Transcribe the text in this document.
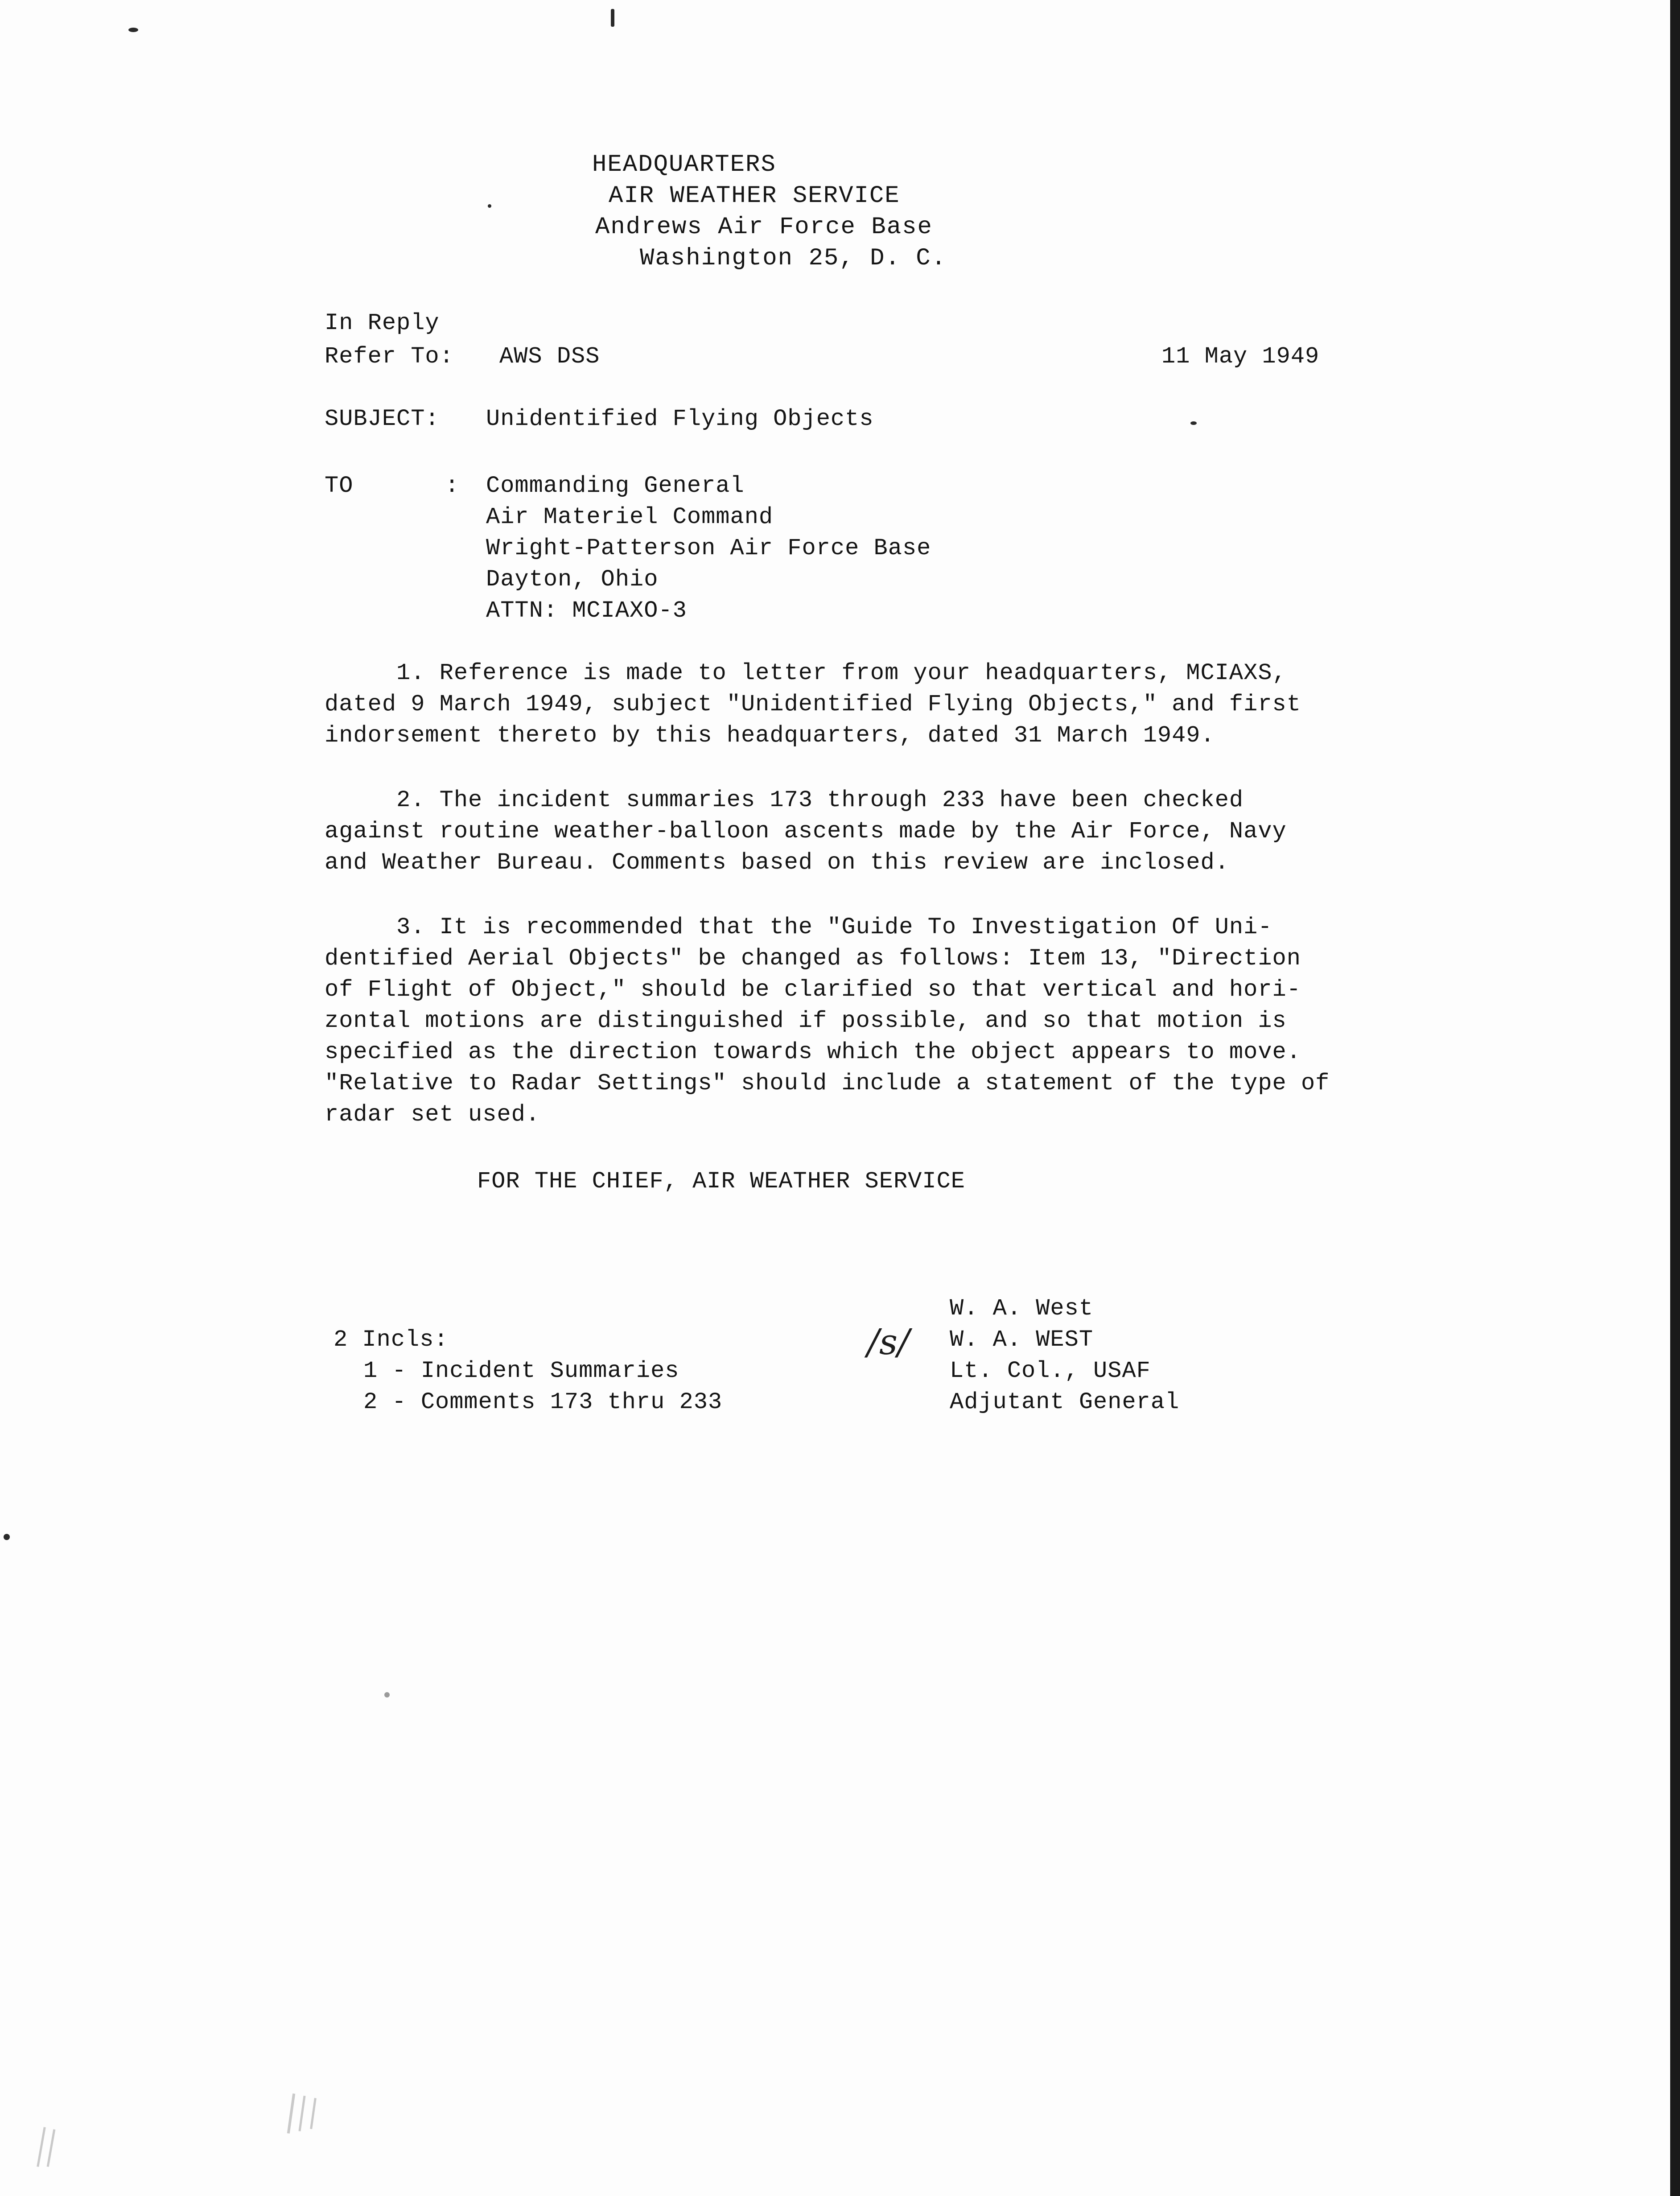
HEADQUARTERS

AIR WEATHER SERVICE

Andrews Air Force Base

Washington 25, D. C.

In Reply

Refer To: AWS DSS	11 May 1949

SUBJECT: Unidentified Flying Objects

TO	: Commanding General

Air Materiel Command

Wright-Patterson Air Force Base

Dayton, Ohio

ATTN: MCIAXO-3

1. Reference is made to letter from your headquarters, MCIAXS,
dated 9 March 1949, subject "Unidentified Flying Objects," and first
indorsement thereto by this headquarters, dated 31 March 1949.
2. The incident summaries 173 through 233 have been checked
against routine weather-balloon ascents made by the Air Force, Navy
and Weather Bureau. Comments based on this review are inclosed.
3. It is recommended that the "Guide To Investigation Of Uni-
dentified Aerial Objects" be changed as follows: Item 13, "Direction
of Flight of Object," should be clarified so that vertical and hori-
zontal motions are distinguished if possible, and so that motion is
specified as the direction towards which the object appears to move.
"Relative to Radar Settings" should include a statement of the type of
radar set used.

FOR THE CHIEF, AIR WEATHER SERVICE

/s/

W. A. West

W. A. WEST

Lt. Col., USAF

Adjutant General

2 Incls:

1 - Incident Summaries

2 - Comments 173 thru 233
